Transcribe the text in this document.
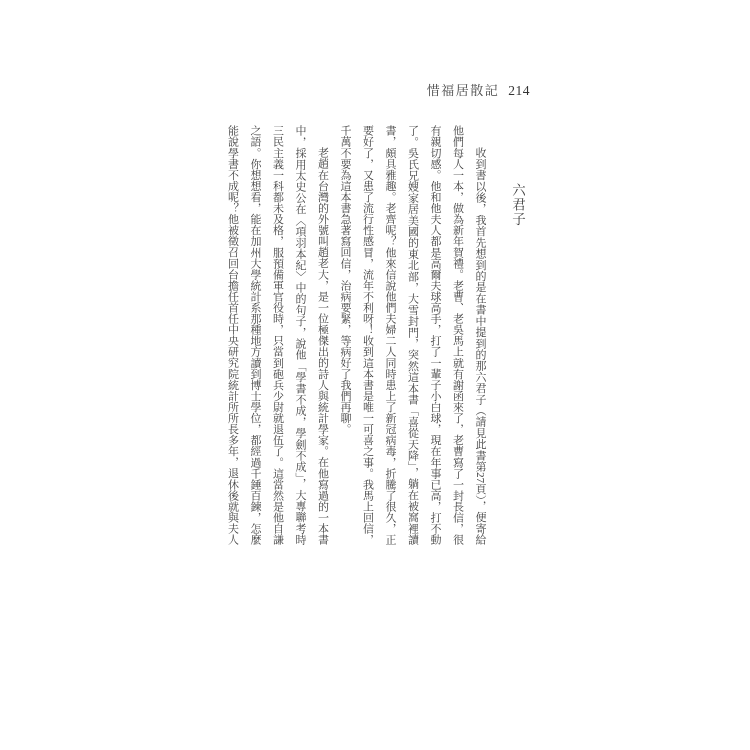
惜福居散記 214
六君子

收到書以後，我首先想到的是在書中提到的那六君子（請見此書第27頁），便寄給他們每人一本，做為新年賀禮。老曹、老吳馬上就有謝函來了，老曹寫了一封長信，很有親切感。他和他夫人都是高爾夫球高手，打了一輩子小白球，現在年事已高，打不動了。吳氏兄嫂家居美國的東北部，大雪封門，突然這本書「喜從天降」，躺在被窩裡讀書，頗具雅趣。老齊呢？他來信說他們夫婦二人同時患上了新冠病毒，折騰了很久，正要好了，又患了流行性感冒，流年不利呀！收到這本書是唯一可喜之事。我馬上回信，千萬不要為這本書急著寫回信，治病要緊，等病好了我們再聊。

老趙在台灣的外號叫趙老大，是一位極傑出的詩人與統計學家。在他寫過的一本書中，採用太史公在〈項羽本紀〉中的句子，說他「學書不成，學劍不成」，大專聯考時三民主義一科都未及格，服預備軍官役時，只當到砲兵少尉就退伍了。這當然是他自謙之語。你想想看，能在加州大學統計系那種地方讀到博士學位，都經過千錘百鍊，怎麼能說學書不成呢？他被徵召回台擔任首任中央研究院統計所所長多年，退休後就與夫人
